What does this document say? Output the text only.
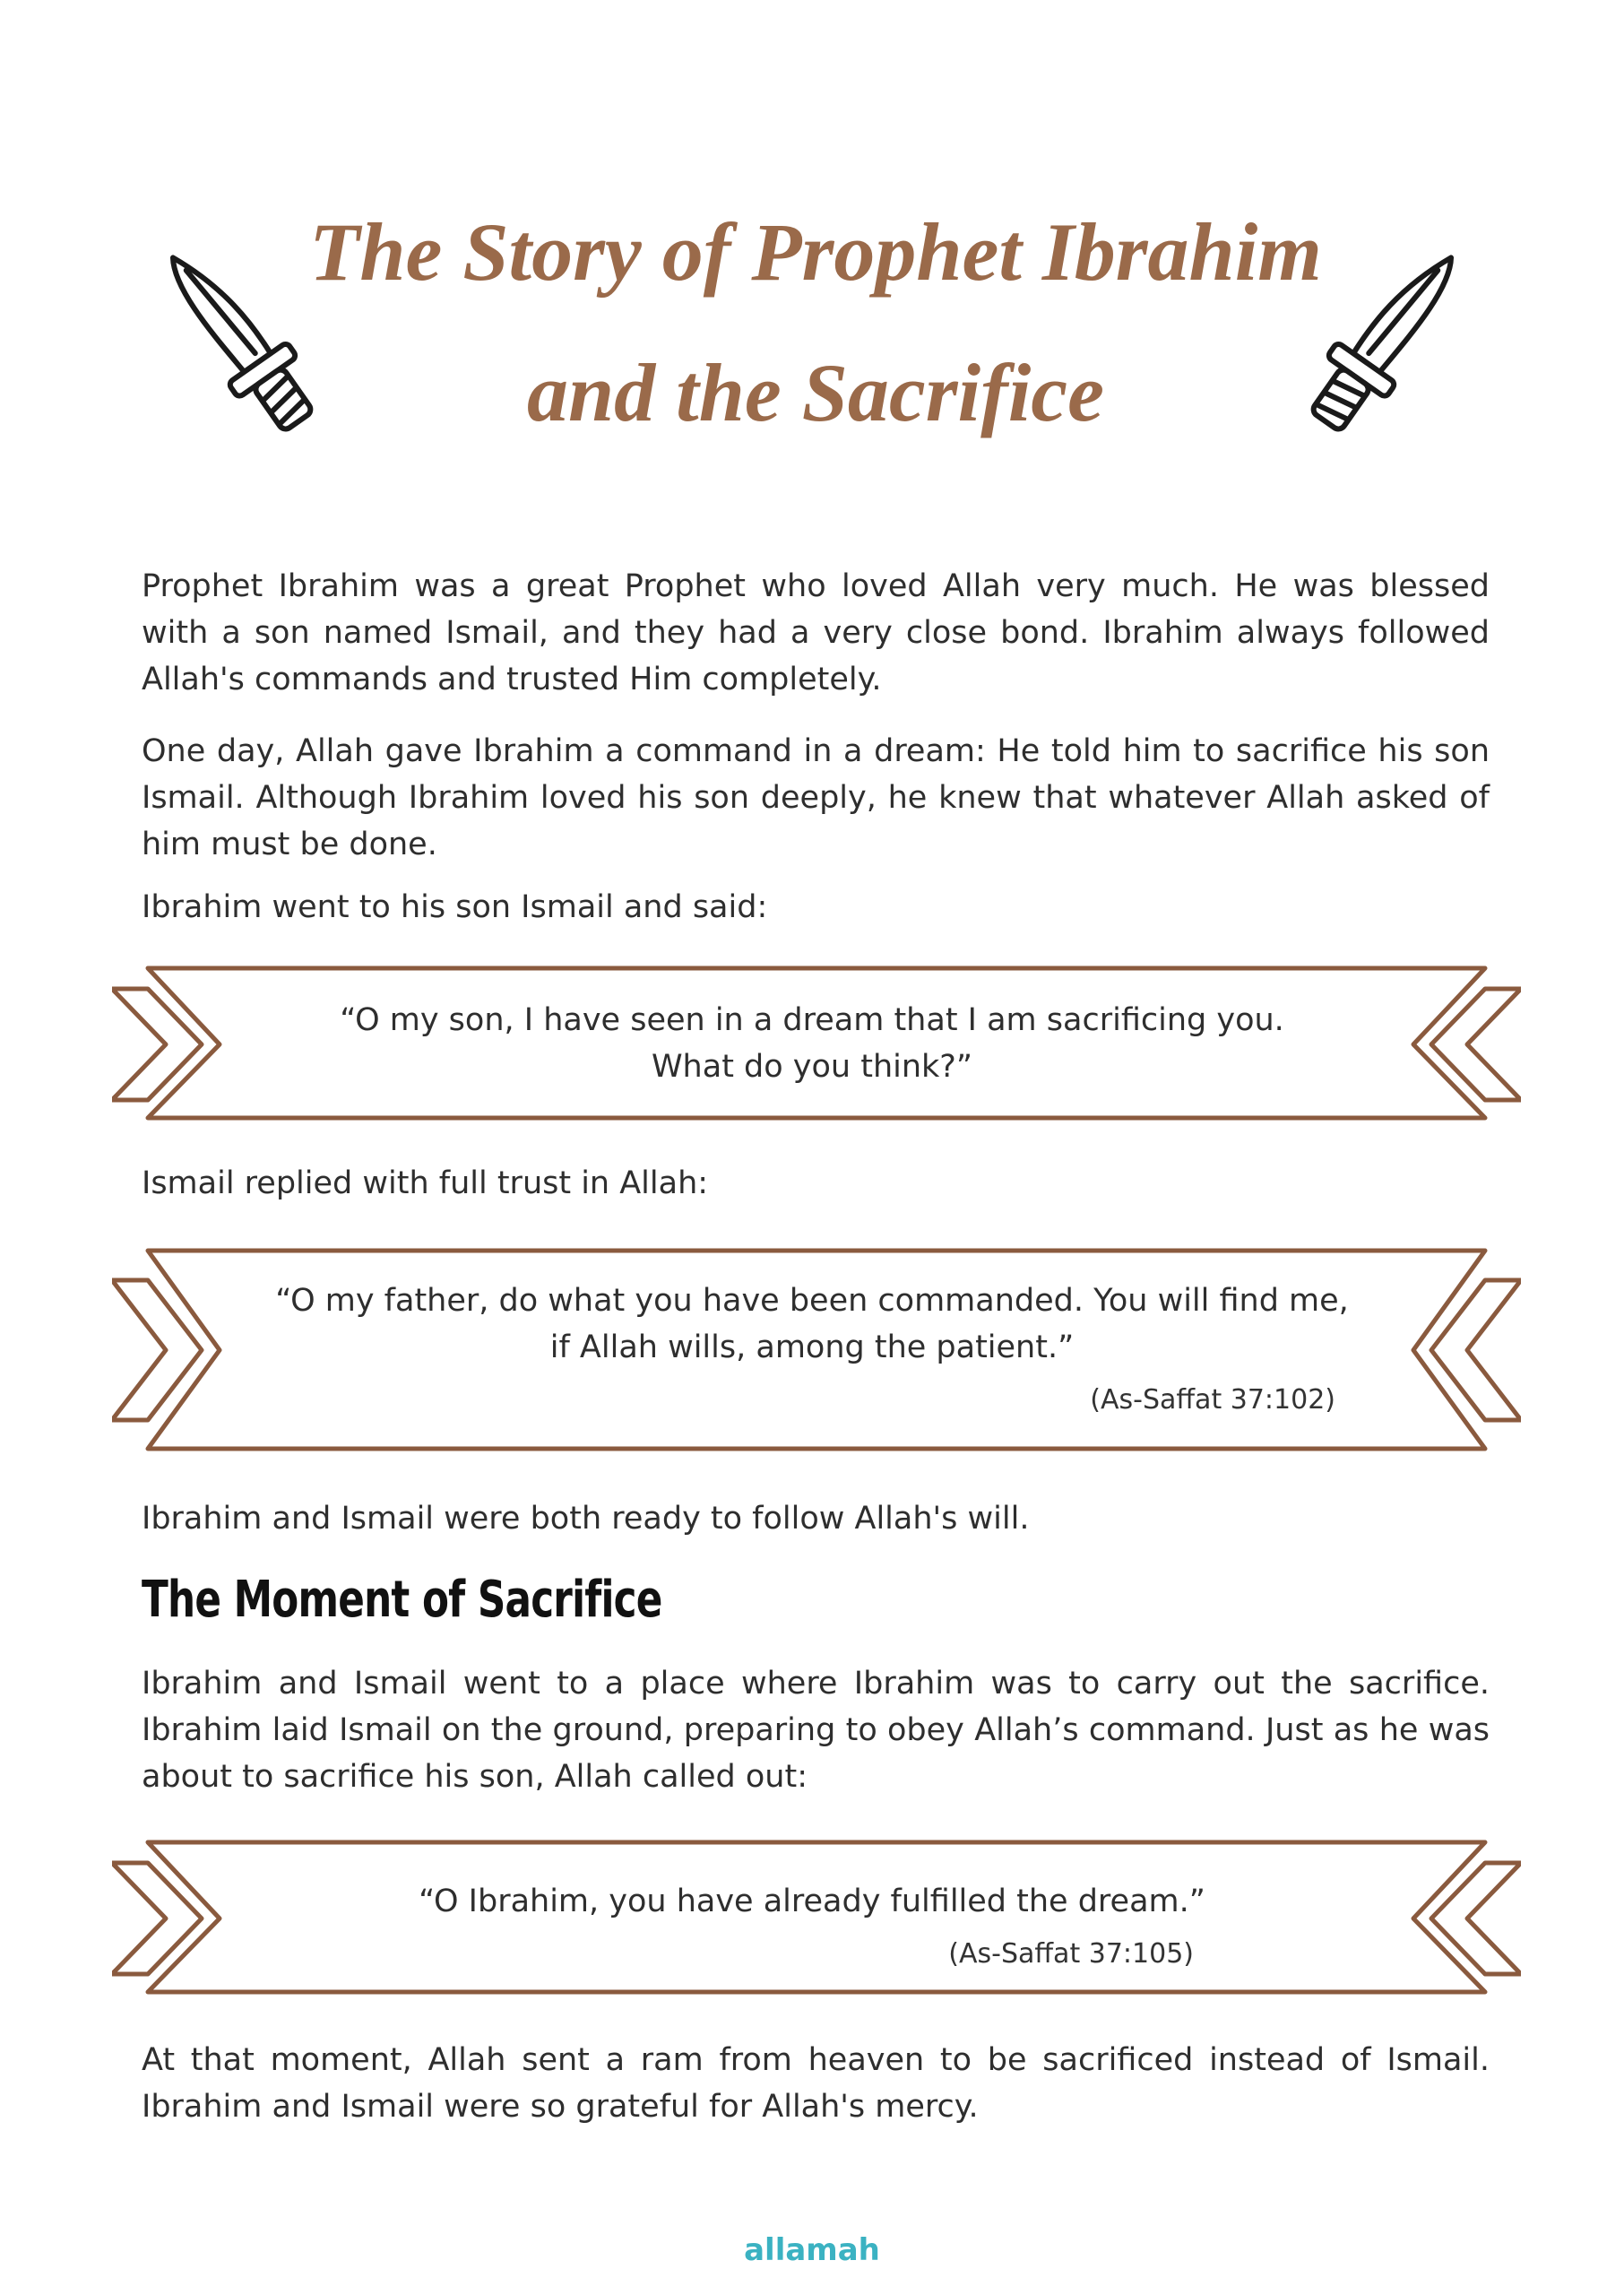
The Story of Prophet Ibrahim
and the Sacrifice
Prophet Ibrahim was a great Prophet who loved Allah very much. He was blessed with a son named Ismail, and they had a very close bond. Ibrahim always followed Allah's commands and trusted Him completely.
One day, Allah gave Ibrahim a command in a dream: He told him to sacrifice his son Ismail. Although Ibrahim loved his son deeply, he knew that whatever Allah asked of him must be done.
Ibrahim went to his son Ismail and said:
“O my son, I have seen in a dream that I am sacrificing you.
What do you think?”
Ismail replied with full trust in Allah:
“O my father, do what you have been commanded. You will find me,
if Allah wills, among the patient.”
(As-Saffat 37:102)
Ibrahim and Ismail were both ready to follow Allah's will.
The Moment of Sacrifice
Ibrahim and Ismail went to a place where Ibrahim was to carry out the sacrifice. Ibrahim laid Ismail on the ground, preparing to obey Allah’s command. Just as he was about to sacrifice his son, Allah called out:
“O Ibrahim, you have already fulfilled the dream.”
(As-Saffat 37:105)
At that moment, Allah sent a ram from heaven to be sacrificed instead of Ismail. Ibrahim and Ismail were so grateful for Allah's mercy.
allamah
